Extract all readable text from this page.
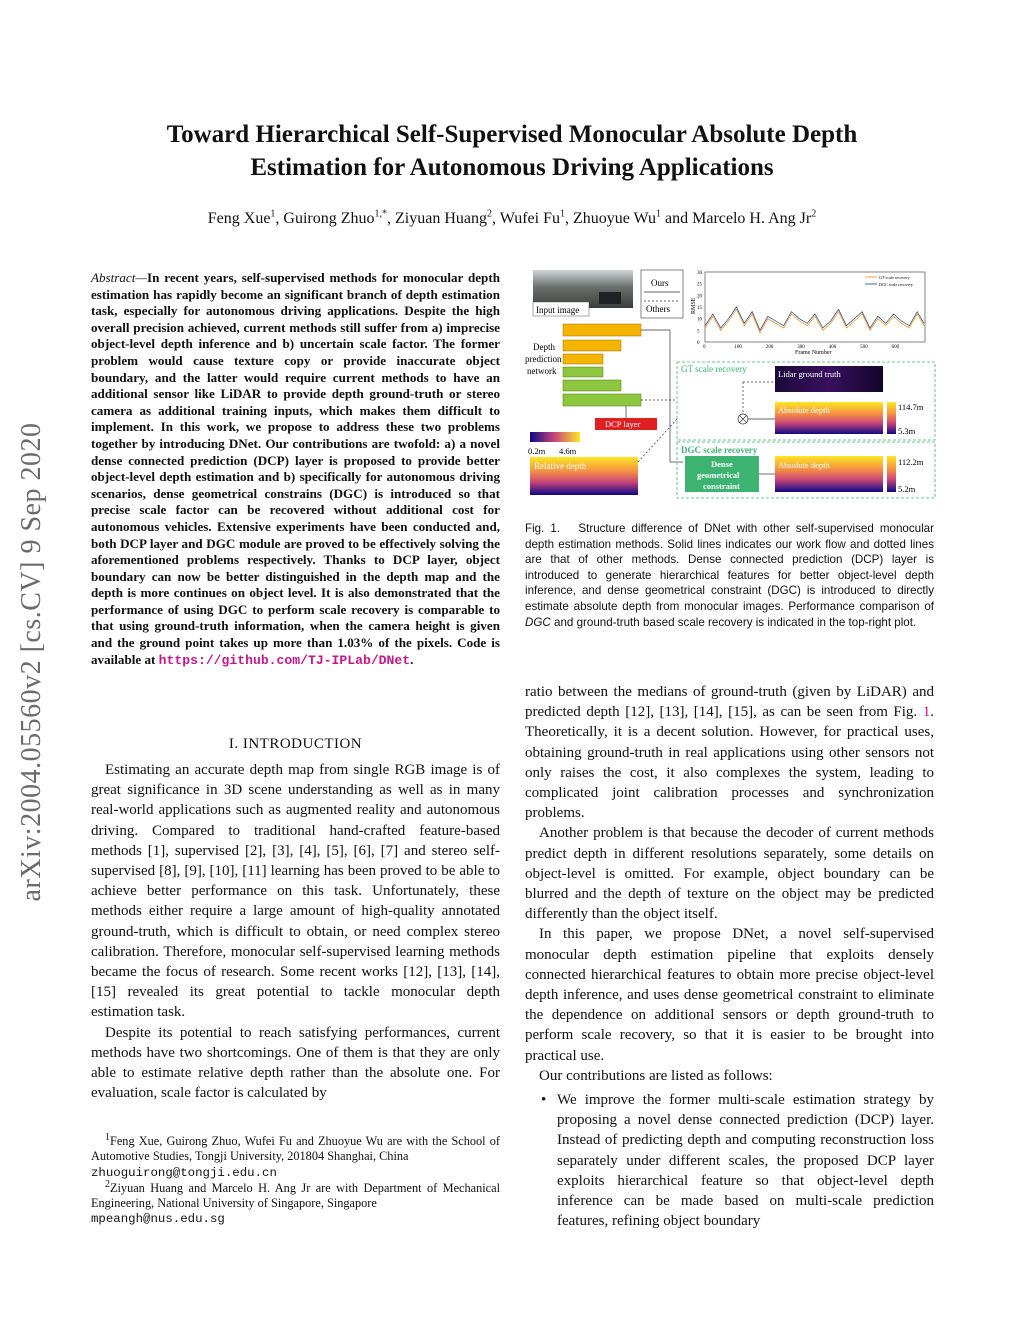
Toward Hierarchical Self-Supervised Monocular Absolute Depth
Estimation for Autonomous Driving Applications
Feng Xue$^1$, Guirong Zhuo$^{1,*}$, Ziyuan Huang$^2$, Wufei Fu$^1$, Zhuoyue Wu$^1$ and Marcelo H. Ang Jr$^2$
arXiv:2004.05560v2 [cs.CV] 9 Sep 2020
Abstract—In recent years, self-supervised methods for monocular depth estimation has rapidly become an significant branch of depth estimation task, especially for autonomous driving applications. Despite the high overall precision achieved, current methods still suffer from a) imprecise object-level depth inference and b) uncertain scale factor. The former problem would cause texture copy or provide inaccurate object boundary, and the latter would require current methods to have an additional sensor like LiDAR to provide depth ground-truth or stereo camera as additional training inputs, which makes them difficult to implement. In this work, we propose to address these two problems together by introducing DNet. Our contributions are twofold: a) a novel dense connected prediction (DCP) layer is proposed to provide better object-level depth estimation and b) specifically for autonomous driving scenarios, dense geometrical constrains (DGC) is introduced so that precise scale factor can be recovered without additional cost for autonomous vehicles. Extensive experiments have been conducted and, both DCP layer and DGC module are proved to be effectively solving the aforementioned problems respectively. Thanks to DCP layer, object boundary can now be better distinguished in the depth map and the depth is more continues on object level. It is also demonstrated that the performance of using DGC to perform scale recovery is comparable to that using ground-truth information, when the camera height is given and the ground point takes up more than 1.03% of the pixels. Code is available at https://github.com/TJ-IPLab/DNet.
I. INTRODUCTION

Estimating an accurate depth map from single RGB image is of great significance in 3D scene understanding as well as in many real-world applications such as augmented reality and autonomous driving. Compared to traditional hand-crafted feature-based methods [1], supervised [2], [3], [4], [5], [6], [7] and stereo self-supervised [8], [9], [10], [11] learning has been proved to be able to achieve better performance on this task. Unfortunately, these methods either require a large amount of high-quality annotated ground-truth, which is difficult to obtain, or need complex stereo calibration. Therefore, monocular self-supervised learning methods became the focus of research. Some recent works [12], [13], [14], [15] revealed its great potential to tackle monocular depth estimation task.

Despite its potential to reach satisfying performances, current methods have two shortcomings. One of them is that they are only able to estimate relative depth rather than the absolute one. For evaluation, scale factor is calculated by

$^1$Feng Xue, Guirong Zhuo, Wufei Fu and Zhuoyue Wu are with the School of Automotive Studies, Tongji University, 201804 Shanghai, China
zhuoguirong@tongji.edu.cn

$^2$Ziyuan Huang and Marcelo H. Ang Jr are with Department of Mechanical Engineering, National University of Singapore, Singapore
mpeangh@nus.edu.sg

Input image
Ours
Others
Depth
prediction
network
DCP layer
0.2m 4.6m
Relative depth
0	100	200	300	400	500	600
0
5
10
15
20
25
30
Frame Number
RMSE
GT scale recovery
DGC scale recovery
GT scale recovery	Lidar ground truth
Absolute depth	114.7m
5.3m
DGC scale recovery
Dense
geometrical
constraint
Absolute depth	112.2m
5.2m
Fig. 1. Structure difference of DNet with other self-supervised monocular depth estimation methods. Solid lines indicates our work flow and dotted lines are that of other methods. Dense connected prediction (DCP) layer is introduced to generate hierarchical features for better object-level depth inference, and dense geometrical constraint (DGC) is introduced to directly estimate absolute depth from monocular images. Performance comparison of DGC and ground-truth based scale recovery is indicated in the top-right plot.

ratio between the medians of ground-truth (given by LiDAR) and predicted depth [12], [13], [14], [15], as can be seen from Fig. 1. Theoretically, it is a decent solution. However, for practical uses, obtaining ground-truth in real applications using other sensors not only raises the cost, it also complexes the system, leading to complicated joint calibration processes and synchronization problems.

Another problem is that because the decoder of current methods predict depth in different resolutions separately, some details on object-level is omitted. For example, object boundary can be blurred and the depth of texture on the object may be predicted differently than the object itself.

In this paper, we propose DNet, a novel self-supervised monocular depth estimation pipeline that exploits densely connected hierarchical features to obtain more precise object-level depth inference, and uses dense geometrical constraint to eliminate the dependence on additional sensors or depth ground-truth to perform scale recovery, so that it is easier to be brought into practical use.

Our contributions are listed as follows:

• We improve the former multi-scale estimation strategy by proposing a novel dense connected prediction (DCP) layer. Instead of predicting depth and computing reconstruction loss separately under different scales, the proposed DCP layer exploits hierarchical feature so that object-level depth inference can be made based on multi-scale prediction features, refining object boundary
